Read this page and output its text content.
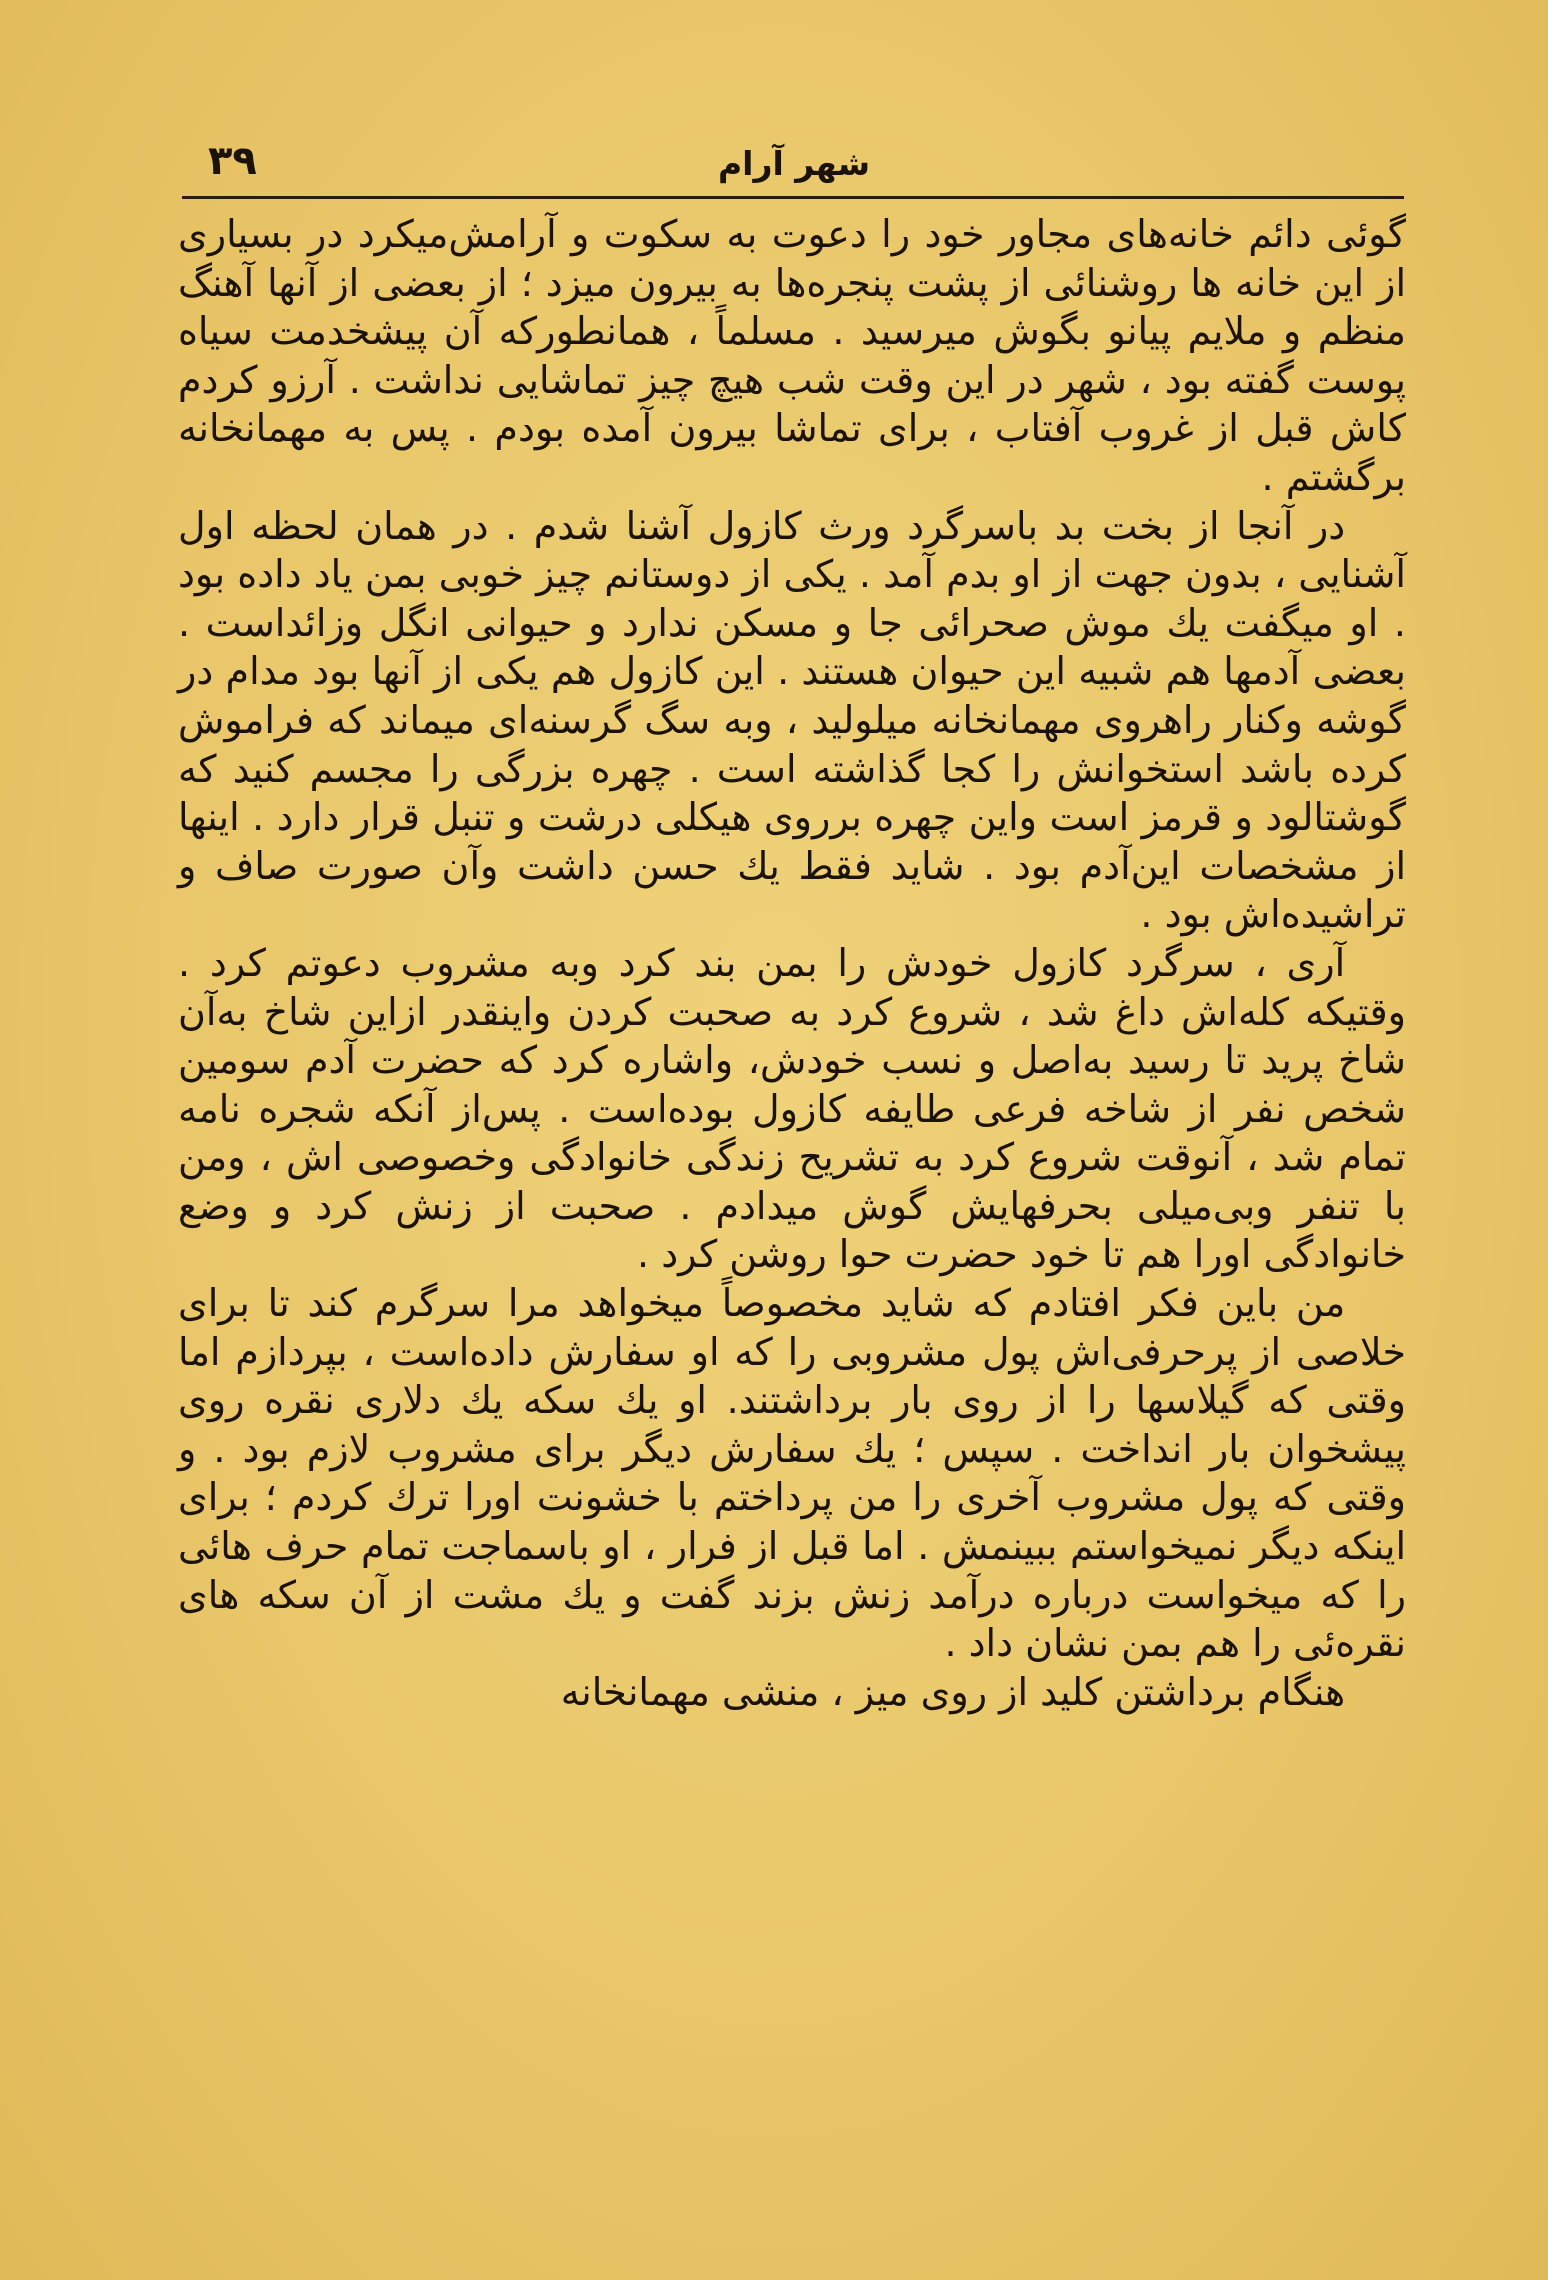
۳۹	شهر آرام

گوئی دائم خانه‌های مجاور خود را دعوت به سکوت و آرامش‌میکرد در بسیاری از این خانه ها روشنائی از پشت پنجره‌ها به بیرون میزد ؛ از بعضی از آنها آهنگ منظم و ملایم پیانو بگوش میرسید . مسلماً ، همانطورکه آن پیشخدمت سیاه پوست گفته بود ، شهر در این وقت شب هیچ چیز تماشایی نداشت . آرزو کردم کاش قبل از غروب آفتاب ، برای تماشا بیرون آمده بودم . پس به مهمانخانه برگشتم .

در آنجا از بخت بد باسرگرد ورث کازول آشنا شدم . در همان لحظه اول آشنایی ، بدون جهت از او بدم آمد . یکی از دوستانم چیز خوبی بمن یاد داده بود . او میگفت یك موش صحرائی جا و مسکن ندارد و حیوانی انگل وزائداست . بعضی آدمها هم شبیه این حیوان هستند . این کازول هم یکی از آنها بود مدام در گوشه وکنار راهروی مهمانخانه میلولید ، وبه سگ گرسنه‌ای میماند که فراموش کرده باشد استخوانش را کجا گذاشته است . چهره بزرگی را مجسم کنید که گوشتالود و قرمز است واین چهره برروی هیکلی درشت و تنبل قرار دارد . اینها از مشخصات این‌آدم بود . شاید فقط یك حسن داشت وآن صورت صاف و تراشیده‌اش بود .

آری ، سرگرد کازول خودش را بمن بند کرد وبه مشروب دعوتم کرد . وقتیکه کله‌اش داغ شد ، شروع کرد به صحبت کردن واینقدر ازاین شاخ به‌آن شاخ پرید تا رسید به‌اصل و نسب خودش، واشاره کرد که حضرت آدم سومین شخص نفر از شاخه فرعی طایفه کازول بوده‌است . پس‌از آنکه شجره نامه تمام شد ، آنوقت شروع کرد به تشریح زندگی خانوادگی وخصوصی اش ، ومن با تنفر وبی‌میلی بحرفهایش گوش میدادم . صحبت از زنش کرد و وضع خانوادگی اورا هم تا خود حضرت حوا روشن کرد .

من باین فکر افتادم که شاید مخصوصاً میخواهد مرا سرگرم کند تا برای خلاصی از پرحرفی‌اش پول مشروبی را که او سفارش داده‌است ، بپردازم اما وقتی که گیلاسها را از روی بار برداشتند. او یك سکه یك دلاری نقره روی پیشخوان بار انداخت . سپس ؛ یك سفارش دیگر برای مشروب لازم بود . و وقتی که پول مشروب آخری را من پرداختم با خشونت اورا ترك کردم ؛ برای اینکه دیگر نمیخواستم ببینمش . اما قبل از فرار ، او باسماجت تمام حرف هائی را که میخواست درباره درآمد زنش بزند گفت و یك مشت از آن سکه های نقره‌ئی را هم بمن نشان داد .

هنگام برداشتن کلید از روی میز ، منشی مهمانخانه
